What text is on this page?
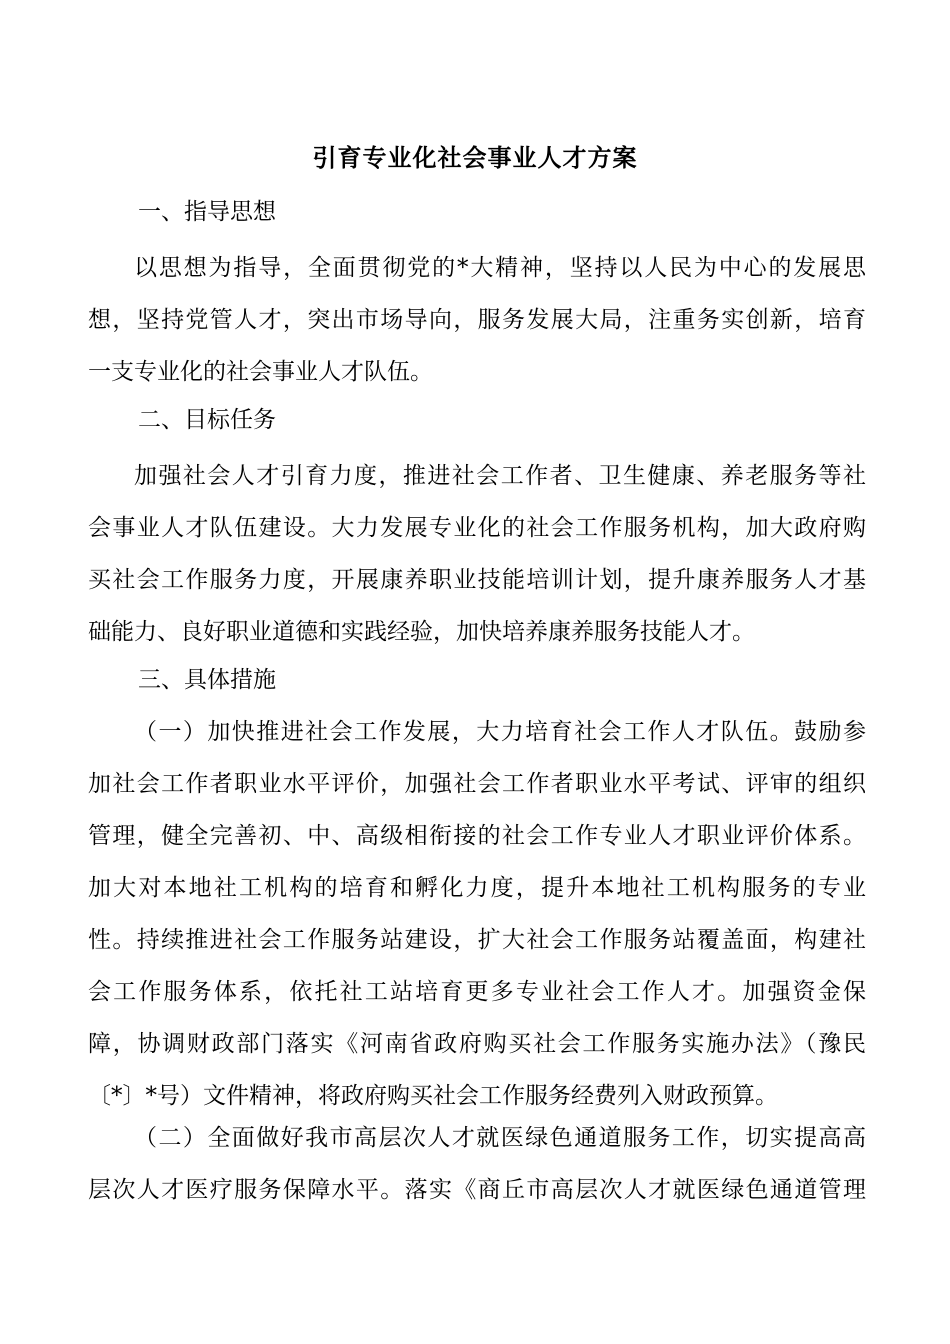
引育专业化社会事业人才方案
一、指导思想
以思想为指导，全面贯彻党的*大精神，坚持以人民为中心的发展思
想，坚持党管人才，突出市场导向，服务发展大局，注重务实创新，培育
一支专业化的社会事业人才队伍。
二、目标任务
加强社会人才引育力度，推进社会工作者、卫生健康、养老服务等社
会事业人才队伍建设。大力发展专业化的社会工作服务机构，加大政府购
买社会工作服务力度，开展康养职业技能培训计划，提升康养服务人才基
础能力、良好职业道德和实践经验，加快培养康养服务技能人才。
三、具体措施
（一）加快推进社会工作发展，大力培育社会工作人才队伍。鼓励参
加社会工作者职业水平评价，加强社会工作者职业水平考试、评审的组织
管理，健全完善初、中、高级相衔接的社会工作专业人才职业评价体系。
加大对本地社工机构的培育和孵化力度，提升本地社工机构服务的专业
性。持续推进社会工作服务站建设，扩大社会工作服务站覆盖面，构建社
会工作服务体系，依托社工站培育更多专业社会工作人才。加强资金保
障，协调财政部门落实《河南省政府购买社会工作服务实施办法》（豫民
〔*〕*号）文件精神，将政府购买社会工作服务经费列入财政预算。
（二）全面做好我市高层次人才就医绿色通道服务工作，切实提高高
层次人才医疗服务保障水平。落实《商丘市高层次人才就医绿色通道管理
